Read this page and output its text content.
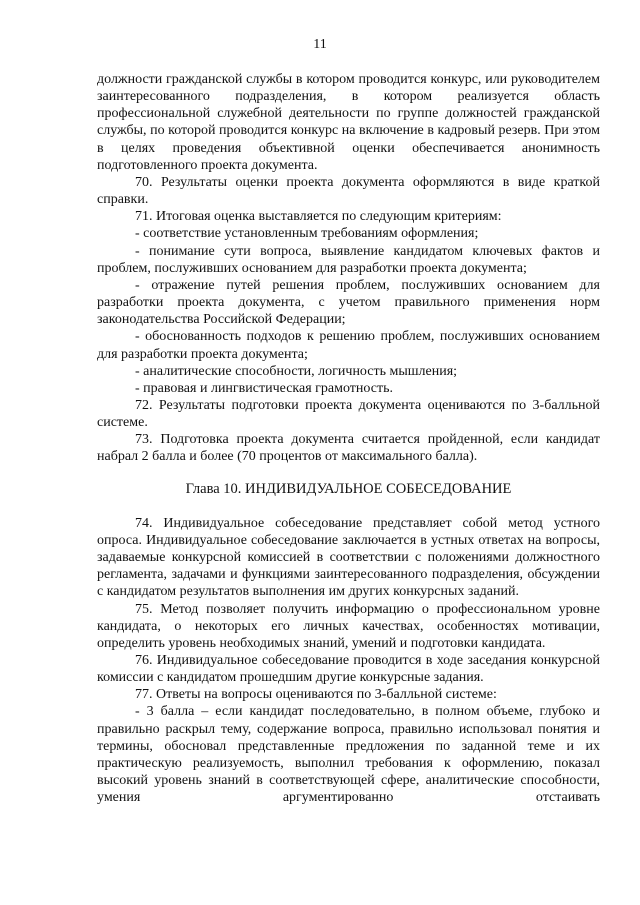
11

должности гражданской службы в котором проводится конкурс, или руководителем заинтересованного подразделения, в котором реализуется область профессиональной служебной деятельности по группе должностей гражданской службы, по которой проводится конкурс на включение в кадровый резерв. При этом в целях проведения объективной оценки обеспечивается анонимность подготовленного проекта документа.

70. Результаты оценки проекта документа оформляются в виде краткой справки.

71. Итоговая оценка выставляется по следующим критериям:

- соответствие установленным требованиям оформления;

- понимание сути вопроса, выявление кандидатом ключевых фактов и проблем, послуживших основанием для разработки проекта документа;

- отражение путей решения проблем, послуживших основанием для разработки проекта документа, с учетом правильного применения норм законодательства Российской Федерации;

- обоснованность подходов к решению проблем, послуживших основанием для разработки проекта документа;

- аналитические способности, логичность мышления;

- правовая и лингвистическая грамотность.

72. Результаты подготовки проекта документа оцениваются по 3-балльной системе.

73. Подготовка проекта документа считается пройденной, если кандидат набрал 2 балла и более (70 процентов от максимального балла).

Глава 10. ИНДИВИДУАЛЬНОЕ СОБЕСЕДОВАНИЕ

74. Индивидуальное собеседование представляет собой метод устного опроса. Индивидуальное собеседование заключается в устных ответах на вопросы, задаваемые конкурсной комиссией в соответствии с положениями должностного регламента, задачами и функциями заинтересованного подразделения, обсуждении с кандидатом результатов выполнения им других конкурсных заданий.

75. Метод позволяет получить информацию о профессиональном уровне кандидата, о некоторых его личных качествах, особенностях мотивации, определить уровень необходимых знаний, умений и подготовки кандидата.

76. Индивидуальное собеседование проводится в ходе заседания конкурсной комиссии с кандидатом прошедшим другие конкурсные задания.

77. Ответы на вопросы оцениваются по 3-балльной системе:

- 3 балла – если кандидат последовательно, в полном объеме, глубоко и правильно раскрыл тему, содержание вопроса, правильно использовал понятия и термины, обосновал представленные предложения по заданной теме и их практическую реализуемость, выполнил требования к оформлению, показал высокий уровень знаний в соответствующей сфере, аналитические способности, умения аргументированно отстаивать
